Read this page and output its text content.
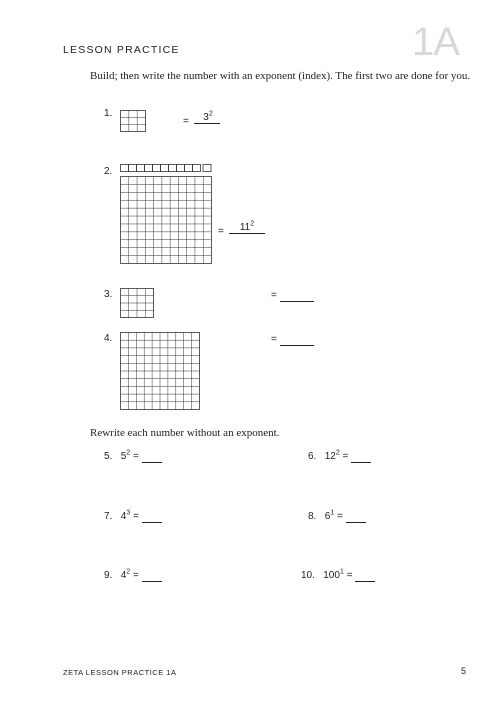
LESSON PRACTICE	1A
Build; then write the number with an exponent (index). The first two are done for you.
1.
=	$3^2$
2.
=	$11^2$
3.	=
4.	=
Rewrite each number without an exponent.
5. $5^2$ =	6. $12^2$ =
7. $4^3$ =	8. $6^1$ =
9. $4^2$ =	10. $100^1$ =
ZETA LESSON PRACTICE 1A	5
